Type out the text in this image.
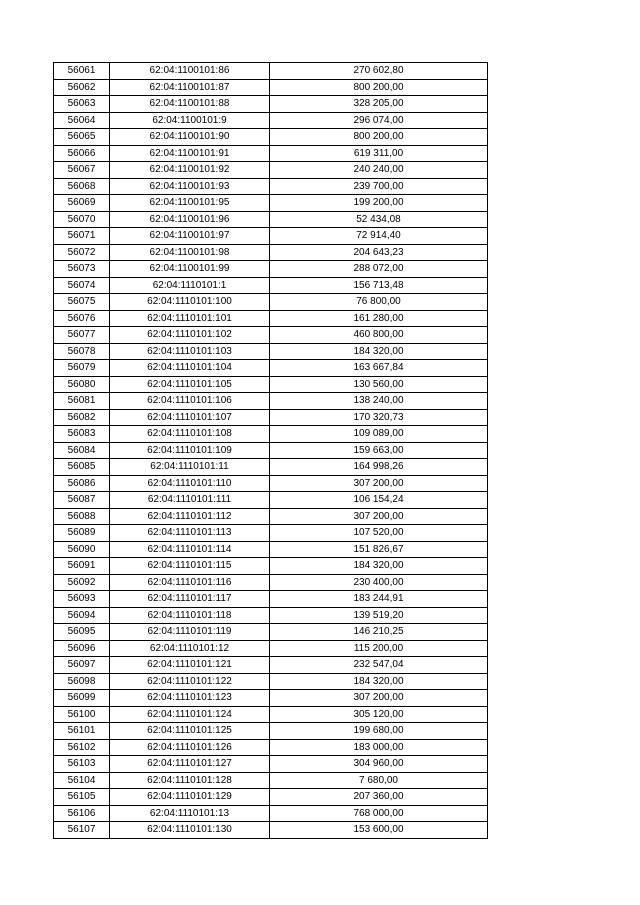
56061	62:04:1100101:86	270 602,80
56062	62:04:1100101:87	800 200,00
56063	62:04:1100101:88	328 205,00
56064	62:04:1100101:9	296 074,00
56065	62:04:1100101:90	800 200,00
56066	62:04:1100101:91	619 311,00
56067	62:04:1100101:92	240 240,00
56068	62:04:1100101:93	239 700,00
56069	62:04:1100101:95	199 200,00
56070	62:04:1100101:96	52 434,08
56071	62:04:1100101:97	72 914,40
56072	62:04:1100101:98	204 643,23
56073	62:04:1100101:99	288 072,00
56074	62:04:1110101:1	156 713,48
56075	62:04:1110101:100	76 800,00
56076	62:04:1110101:101	161 280,00
56077	62:04:1110101:102	460 800,00
56078	62:04:1110101:103	184 320,00
56079	62:04:1110101:104	163 667,84
56080	62:04:1110101:105	130 560,00
56081	62:04:1110101:106	138 240,00
56082	62:04:1110101:107	170 320,73
56083	62:04:1110101:108	109 089,00
56084	62:04:1110101:109	159 663,00
56085	62:04:1110101:11	164 998,26
56086	62:04:1110101:110	307 200,00
56087	62:04:1110101:111	106 154,24
56088	62:04:1110101:112	307 200,00
56089	62:04:1110101:113	107 520,00
56090	62:04:1110101:114	151 826,67
56091	62:04:1110101:115	184 320,00
56092	62:04:1110101:116	230 400,00
56093	62:04:1110101:117	183 244,91
56094	62:04:1110101:118	139 519,20
56095	62:04:1110101:119	146 210,25
56096	62:04:1110101:12	115 200,00
56097	62:04:1110101:121	232 547,04
56098	62:04:1110101:122	184 320,00
56099	62:04:1110101:123	307 200,00
56100	62:04:1110101:124	305 120,00
56101	62:04:1110101:125	199 680,00
56102	62:04:1110101:126	183 000,00
56103	62:04:1110101:127	304 960,00
56104	62:04:1110101:128	7 680,00
56105	62:04:1110101:129	207 360,00
56106	62:04:1110101:13	768 000,00
56107	62:04:1110101:130	153 600,00
